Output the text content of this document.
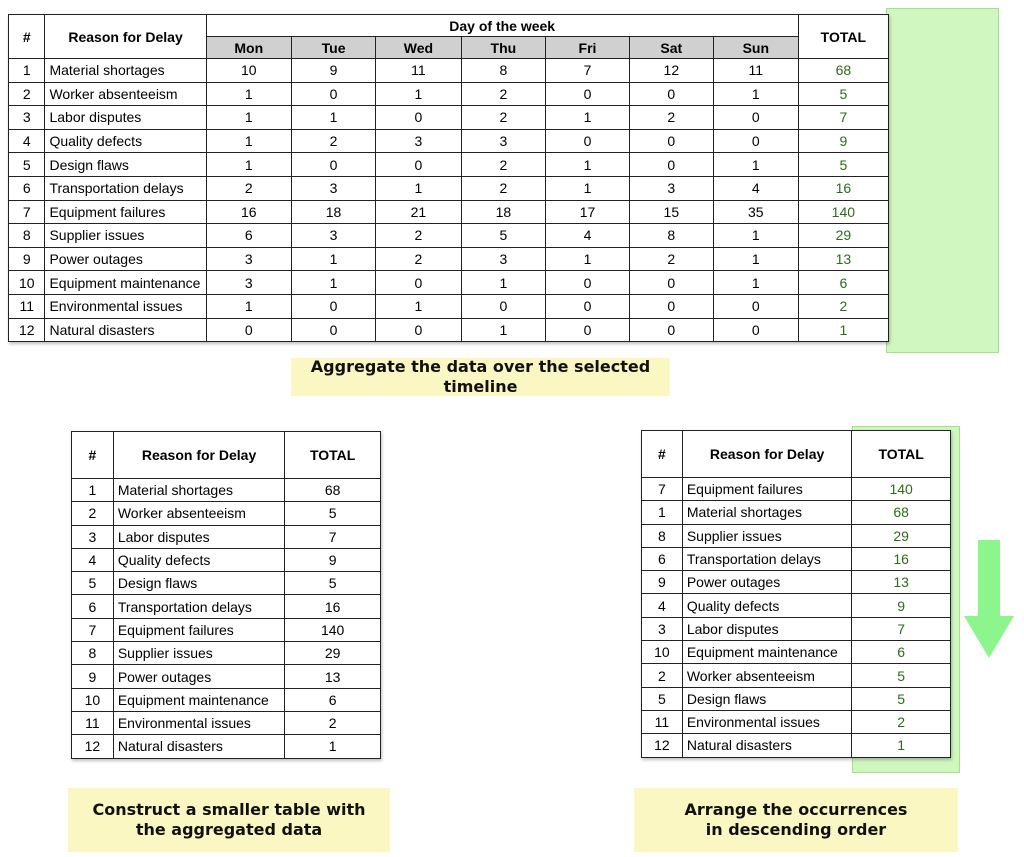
#	Reason for Delay	Day of the week							TOTAL
		Mon	Tue	Wed	Thu	Fri	Sat	Sun	
1	Material shortages	10	9	11	8	7	12	11	68
2	Worker absenteeism	1	0	1	2	0	0	1	5
3	Labor disputes	1	1	0	2	1	2	0	7
4	Quality defects	1	2	3	3	0	0	0	9
5	Design flaws	1	0	0	2	1	0	1	5
6	Transportation delays	2	3	1	2	1	3	4	16
7	Equipment failures	16	18	21	18	17	15	35	140
8	Supplier issues	6	3	2	5	4	8	1	29
9	Power outages	3	1	2	3	1	2	1	13
10	Equipment maintenance	3	1	0	1	0	0	1	6
11	Environmental issues	1	0	1	0	0	0	0	2
12	Natural disasters	0	0	0	1	0	0	0	1
Aggregate the data over the selected timeline
#	Reason for Delay	TOTAL
1	Material shortages	68
2	Worker absenteeism	5
3	Labor disputes	7
4	Quality defects	9
5	Design flaws	5
6	Transportation delays	16
7	Equipment failures	140
8	Supplier issues	29
9	Power outages	13
10	Equipment maintenance	6
11	Environmental issues	2
12	Natural disasters	1
#	Reason for Delay	TOTAL
7	Equipment failures	140
1	Material shortages	68
8	Supplier issues	29
6	Transportation delays	16
9	Power outages	13
4	Quality defects	9
3	Labor disputes	7
10	Equipment maintenance	6
2	Worker absenteeism	5
5	Design flaws	5
11	Environmental issues	2
12	Natural disasters	1
Construct a smaller table with
the aggregated data
Arrange the occurrences
in descending order
